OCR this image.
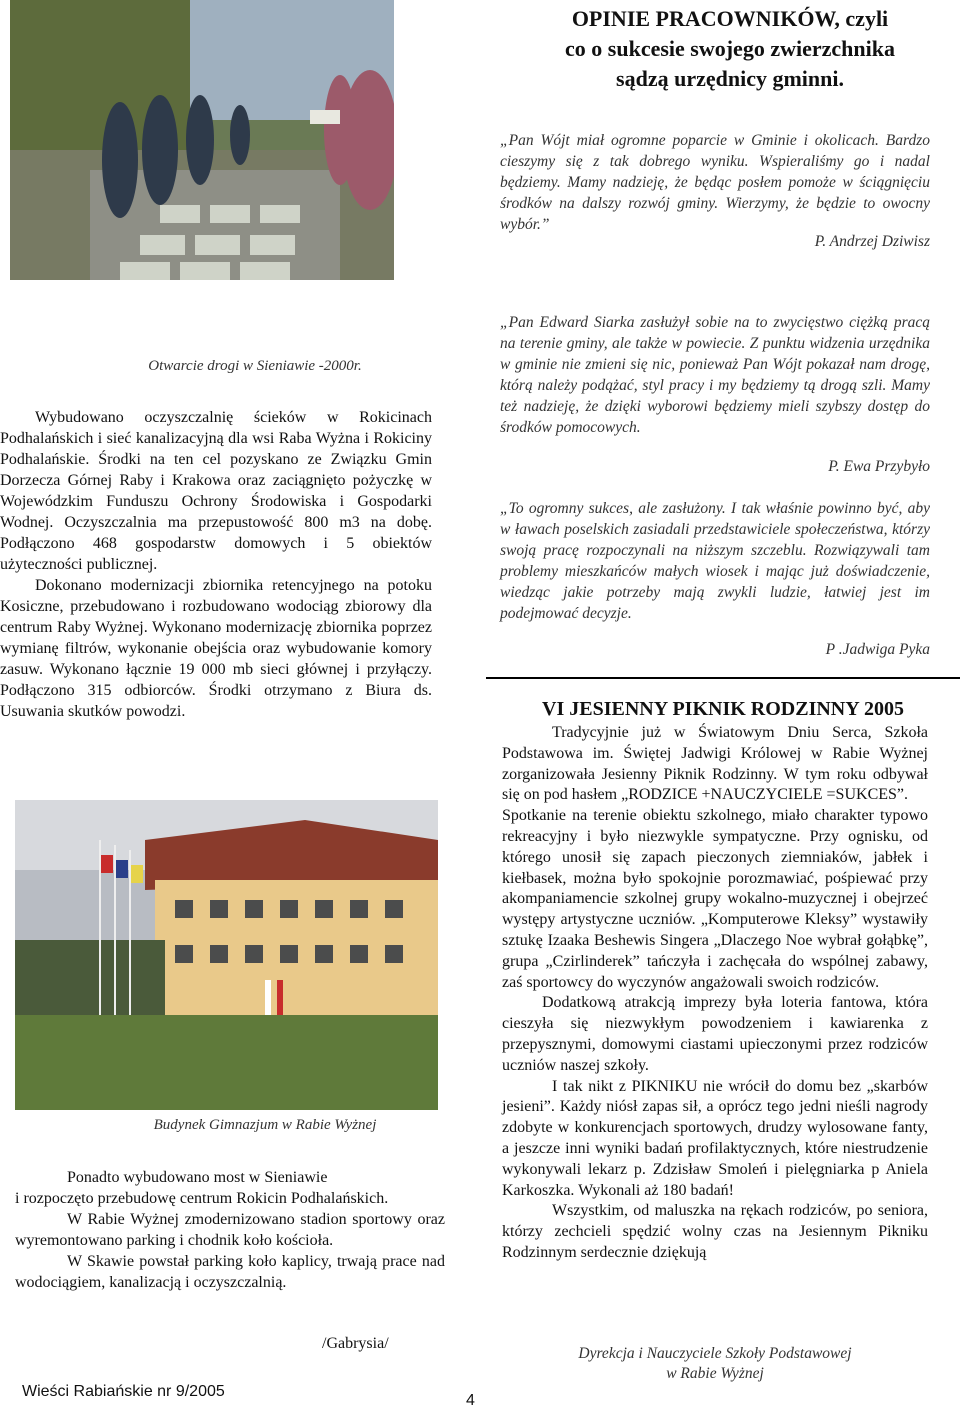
Otwarcie drogi w Sieniawie -2000r.
OPINIE PRACOWNIKÓW, czyli
co o sukcesie swojego zwierzchnika
sądzą urzędnicy gminni.
„Pan Wójt miał ogromne poparcie w Gminie i okolicach. Bardzo cieszymy się z tak dobrego wyniku. Wspieraliśmy go i nadal będziemy. Mamy nadzieję, że będąc posłem pomoże w ściągnięciu środków na dalszy rozwój gminy. Wierzymy, że będzie to owocny wybór.”
P. Andrzej Dziwisz
„Pan Edward Siarka zasłużył sobie na to zwycięstwo ciężką pracą na terenie gminy, ale także w powiecie. Z punktu widzenia urzędnika w gminie nie zmieni się nic, ponieważ Pan Wójt pokazał nam drogę, którą należy podążać, styl pracy i my będziemy tą drogą szli. Mamy też nadzieję, że dzięki wyborowi będziemy mieli szybszy dostęp do środków pomocowych.
P. Ewa Przybyło
„To ogromny sukces, ale zasłużony. I tak właśnie powinno być, aby w ławach poselskich zasiadali przedstawiciele społeczeństwa, którzy swoją pracę rozpoczynali na niższym szczeblu. Rozwiązywali tam problemy mieszkańców małych wiosek i mając już doświadczenie, wiedząc jakie potrzeby mają zwykli ludzie, łatwiej jest im podejmować decyzje.
P .Jadwiga Pyka

Wybudowano oczyszczalnię ścieków w Rokicinach Podhalańskich i sieć kanalizacyjną dla wsi Raba Wyżna i Rokiciny Podhalańskie. Środki na ten cel pozyskano ze Związku Gmin Dorzecza Górnej Raby i Krakowa oraz zaciągnięto pożyczkę w Wojewódzkim Funduszu Ochrony Środowiska i Gospodarki Wodnej. Oczyszczalnia ma przepustowość 800 m3 na dobę. Podłączono 468 gospodarstw domowych i 5 obiektów użyteczności publicznej.

Dokonano modernizacji zbiornika retencyjnego na potoku Kosiczne, przebudowano i rozbudowano wodociąg zbiorowy dla centrum Raby Wyżnej. Wykonano modernizację zbiornika poprzez wymianę filtrów, wykonanie obejścia oraz wybudowanie komory zasuw. Wykonano łącznie 19 000 mb sieci głównej i przyłączy. Podłączono 315 odbiorców. Środki otrzymano z Biura ds. Usuwania skutków powodzi.

Budynek Gimnazjum w Rabie Wyżnej

Ponadto wybudowano most w Sieniawie

i rozpoczęto przebudowę centrum Rokicin Podhalańskich.

W Rabie Wyżnej zmodernizowano stadion sportowy oraz wyremontowano parking i chodnik koło kościoła.

W Skawie powstał parking koło kaplicy, trwają prace nad wodociągiem, kanalizacją i oczyszczalnią.

/Gabrysia/
VI JESIENNY PIKNIK RODZINNY 2005

Tradycyjnie już w Światowym Dniu Serca, Szkoła Podstawowa im. Świętej Jadwigi Królowej w Rabie Wyżnej zorganizowała Jesienny Piknik Rodzinny. W tym roku odbywał się on pod hasłem „RODZICE +NAUCZYCIELE =SUKCES”.

Spotkanie na terenie obiektu szkolnego, miało charakter typowo rekreacyjny i było niezwykle sympatyczne. Przy ognisku, od którego unosił się zapach pieczonych ziemniaków, jabłek i kiełbasek, można było spokojnie porozmawiać, pośpiewać przy akompaniamencie szkolnej grupy wokalno-muzycznej i obejrzeć występy artystyczne uczniów. „Komputerowe Kleksy” wystawiły sztukę Izaaka Beshewis Singera „Dlaczego Noe wybrał gołąbkę”, grupa „Czirlinderek” tańczyła i zachęcała do wspólnej zabawy, zaś sportowcy do wyczynów angażowali swoich rodziców.

Dodatkową atrakcją imprezy była loteria fantowa, która cieszyła się niezwykłym powodzeniem i kawiarenka z przepysznymi, domowymi ciastami upieczonymi przez rodziców uczniów naszej szkoły.

I tak nikt z PIKNIKU nie wrócił do domu bez „skarbów jesieni”. Każdy niósł zapas sił, a oprócz tego jedni nieśli nagrody zdobyte w konkurencjach sportowych, drudzy wylosowane fanty, a jeszcze inni wyniki badań profilaktycznych, które niestrudzenie wykonywali lekarz p. Zdzisław Smoleń i pielęgniarka p Aniela Karkoszka. Wykonali aż 180 badań!

Wszystkim, od maluszka na rękach rodziców, po seniora, którzy zechcieli spędzić wolny czas na Jesiennym Pikniku Rodzinnym serdecznie dziękują

Dyrekcja i Nauczyciele Szkoły Podstawowej
w Rabie Wyżnej
Wieści Rabiańskie nr 9/2005
4
